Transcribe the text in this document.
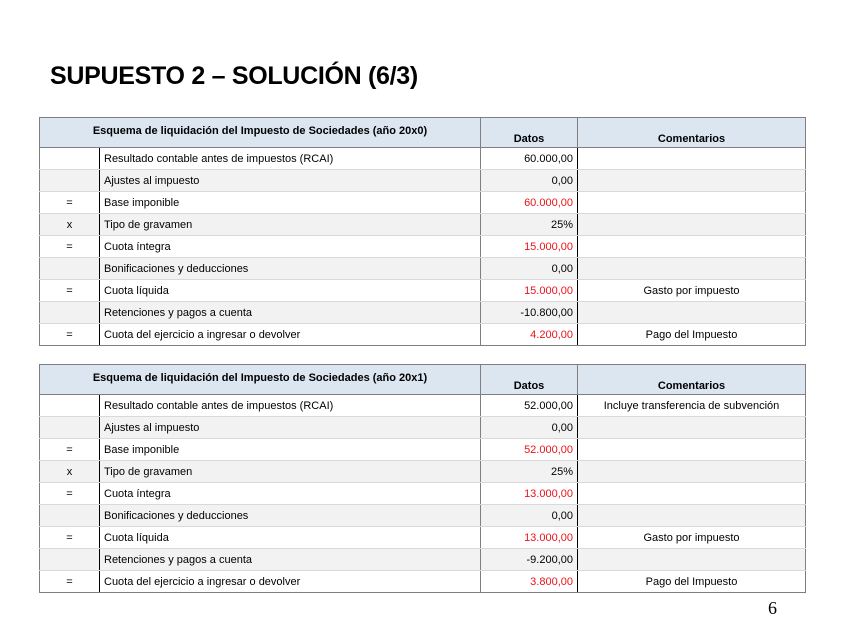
SUPUESTO 2 – SOLUCIÓN (6/3)
Esquema de liquidación del Impuesto de Sociedades (año 20x0)		Datos	Comentarios
	Resultado contable antes de impuestos (RCAI)	60.000,00	
	Ajustes al impuesto	0,00	
=	Base imponible	60.000,00	
x	Tipo de gravamen	25%	
=	Cuota íntegra	15.000,00	
	Bonificaciones y deducciones	0,00	
=	Cuota líquida	15.000,00	Gasto por impuesto
	Retenciones y pagos a cuenta	-10.800,00	
=	Cuota del ejercicio a ingresar o devolver	4.200,00	Pago del Impuesto
Esquema de liquidación del Impuesto de Sociedades (año 20x1)		Datos	Comentarios
	Resultado contable antes de impuestos (RCAI)	52.000,00	Incluye transferencia de subvención
	Ajustes al impuesto	0,00	
=	Base imponible	52.000,00	
x	Tipo de gravamen	25%	
=	Cuota íntegra	13.000,00	
	Bonificaciones y deducciones	0,00	
=	Cuota líquida	13.000,00	Gasto por impuesto
	Retenciones y pagos a cuenta	-9.200,00	
=	Cuota del ejercicio a ingresar o devolver	3.800,00	Pago del Impuesto
6
